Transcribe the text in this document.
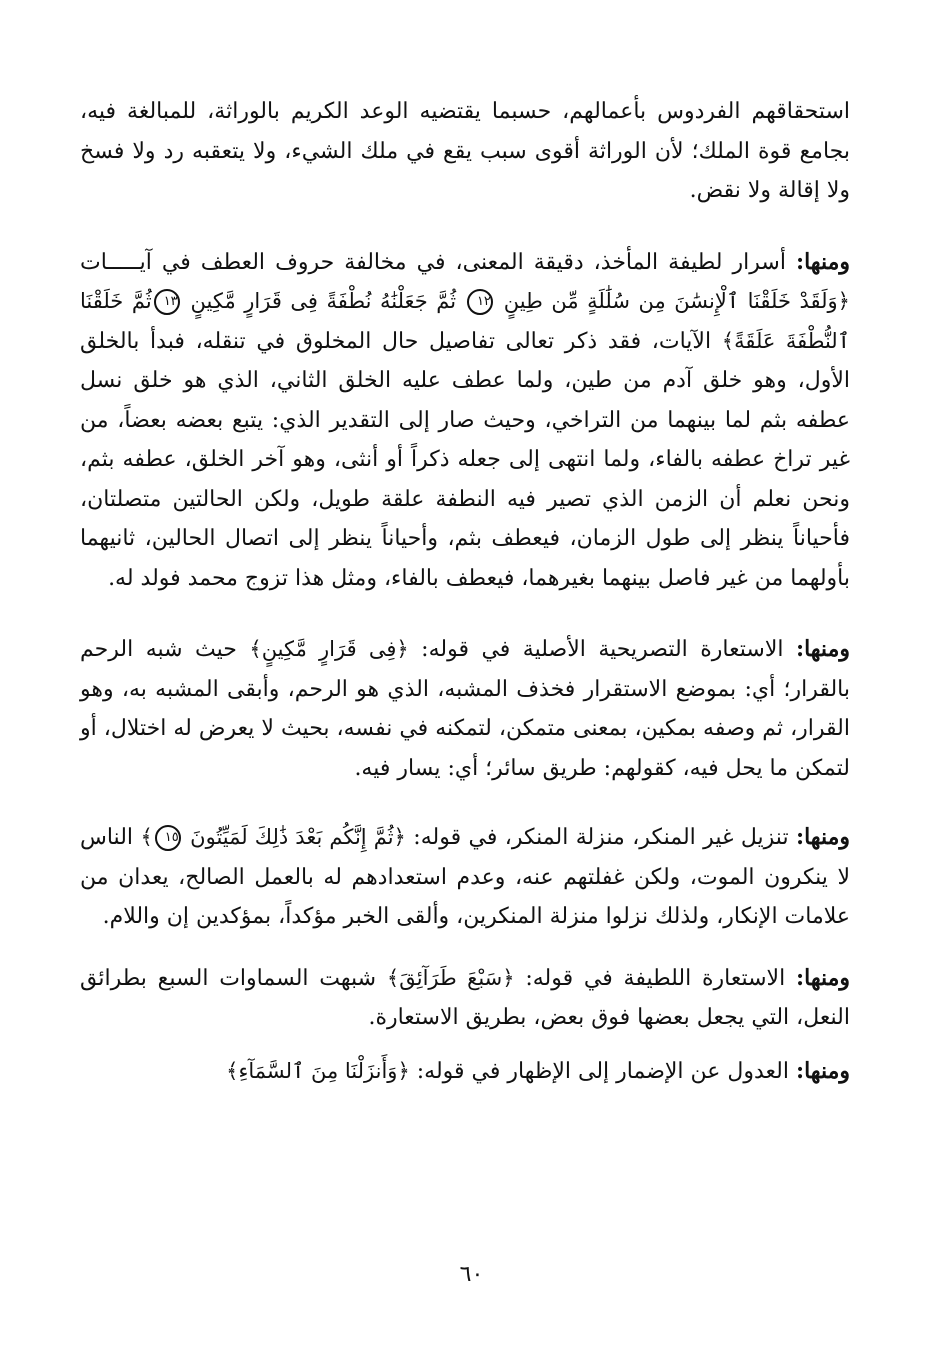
استحقاقهم الفردوس بأعمالهم، حسبما يقتضيه الوعد الكريم بالوراثة، للمبالغة فيه، بجامع قوة الملك؛ لأن الوراثة أقوى سبب يقع في ملك الشيء، ولا يتعقبه رد ولا فسخ ولا إقالة ولا نقض.

ومنها: أسرار لطيفة المأخذ، دقيقة المعنى، في مخالفة حروف العطف في آيـــــات ﴿وَلَقَدْ خَلَقْنَا ٱلْإِنسَٰنَ مِن سُلَٰلَةٍ مِّن طِينٍ ١٢ ثُمَّ جَعَلْنَٰهُ نُطْفَةً فِى قَرَارٍ مَّكِينٍ ١٣ثُمَّ خَلَقْنَا ٱلنُّطْفَةَ عَلَقَةً﴾ الآيات، فقد ذكر تعالى تفاصيل حال المخلوق في تنقله، فبدأ بالخلق الأول، وهو خلق آدم من طين، ولما عطف عليه الخلق الثاني، الذي هو خلق نسل عطفه بثم لما بينهما من التراخي، وحيث صار إلى التقدير الذي: يتبع بعضه بعضاً، من غير تراخ عطفه بالفاء، ولما انتهى إلى جعله ذكراً أو أنثى، وهو آخر الخلق، عطفه بثم، ونحن نعلم أن الزمن الذي تصير فيه النطفة علقة طويل، ولكن الحالتين متصلتان، فأحياناً ينظر إلى طول الزمان، فيعطف بثم، وأحياناً ينظر إلى اتصال الحالين، ثانيهما بأولهما من غير فاصل بينهما بغيرهما، فيعطف بالفاء، ومثل هذا تزوج محمد فولد له.

ومنها: الاستعارة التصريحية الأصلية في قوله: ﴿فِى قَرَارٍ مَّكِينٍ﴾ حيث شبه الرحم بالقرار؛ أي: بموضع الاستقرار فخذف المشبه، الذي هو الرحم، وأبقى المشبه به، وهو القرار، ثم وصفه بمكين، بمعنى متمكن، لتمكنه في نفسه، بحيث لا يعرض له اختلال، أو لتمكن ما يحل فيه، كقولهم: طريق سائر؛ أي: يسار فيه.

ومنها: تنزيل غير المنكر، منزلة المنكر، في قوله: ﴿ثُمَّ إِنَّكُم بَعْدَ ذَٰلِكَ لَمَيِّتُونَ ١٥﴾ الناس لا ينكرون الموت، ولكن غفلتهم عنه، وعدم استعدادهم له بالعمل الصالح، يعدان من علامات الإنكار، ولذلك نزلوا منزلة المنكرين، وألقى الخبر مؤكداً، بمؤكدين إن واللام.

ومنها: الاستعارة اللطيفة في قوله: ﴿سَبْعَ طَرَآئِقَ﴾ شبهت السماوات السبع بطرائق النعل، التي يجعل بعضها فوق بعض، بطريق الاستعارة.

ومنها: العدول عن الإضمار إلى الإظهار في قوله: ﴿وَأَنزَلْنَا مِنَ ٱلسَّمَآءِ﴾

٦٠
